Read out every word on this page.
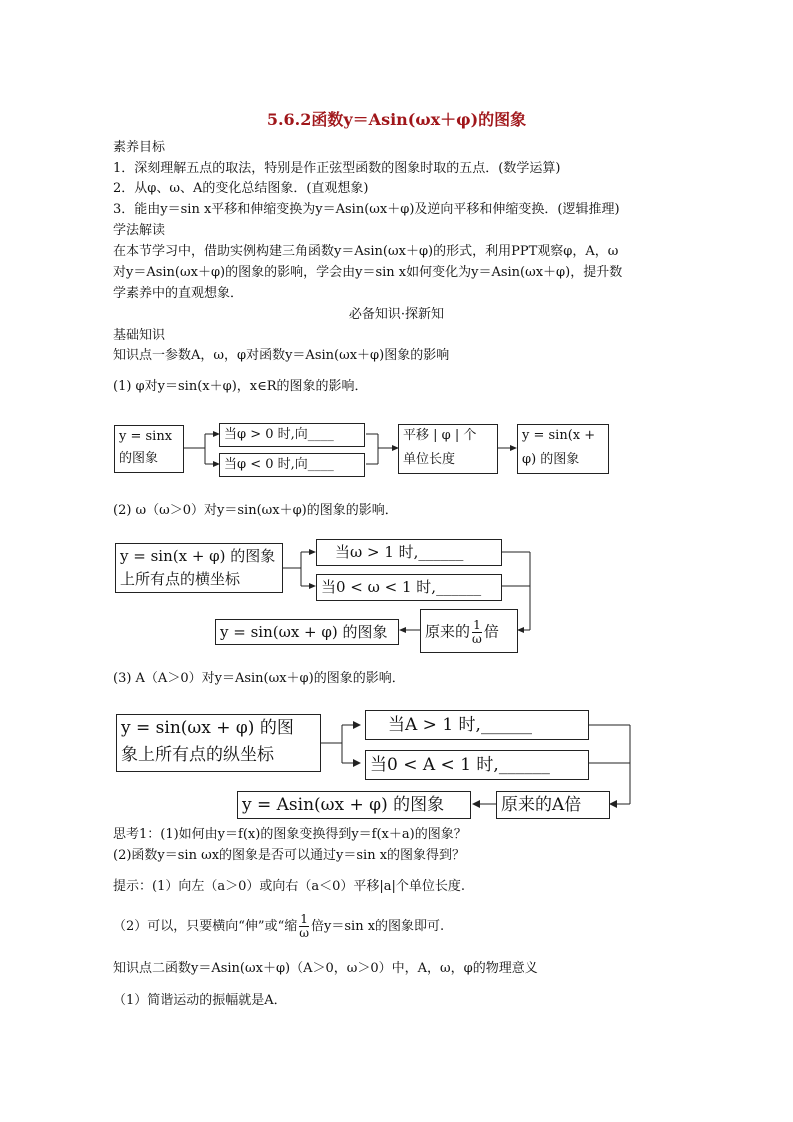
5.6.2函数y＝Asin(ωx＋φ)的图象
素养目标
1．深刻理解五点的取法，特别是作正弦型函数的图象时取的五点．(数学运算)
2．从φ、ω、A的变化总结图象．(直观想象)
3．能由y＝sin x平移和伸缩变换为y＝Asin(ωx＋φ)及逆向平移和伸缩变换．(逻辑推理)
学法解读
在本节学习中，借助实例构建三角函数y＝Asin(ωx＋φ)的形式，利用PPT观察φ，A，ω
对y＝Asin(ωx＋φ)的图象的影响，学会由y＝sin x如何变化为y＝Asin(ωx＋φ)，提升数
学素养中的直观想象．
必备知识·探新知
基础知识
知识点一参数A，ω，φ对函数y＝Asin(ωx＋φ)图象的影响
(1) φ对y＝sin(x＋φ)，x∈R的图象的影响．
y = sinx
的图象
当φ > 0 时,向____
当φ < 0 时,向____
平移 | φ | 个
单位长度
y = sin(x +
φ) 的图象
(2) ω（ω＞0）对y＝sin(ωx＋φ)的图象的影响．
y = sin(x + φ) 的图象
上所有点的横坐标
当ω > 1 时,______
当0 < ω < 1 时,______
原来的 $\frac{1}{\omega}$ 倍
y = sin(ωx + φ) 的图象
(3) A（A＞0）对y＝Asin(ωx＋φ)的图象的影响．
y = sin(ωx + φ) 的图
象上所有点的纵坐标
当A > 1 时,______
当0 < A < 1 时,______
原来的A倍
y = Asin(ωx + φ) 的图象
思考1：(1)如何由y＝f(x)的图象变换得到y＝f(x＋a)的图象？
(2)函数y＝sin ωx的图象是否可以通过y＝sin x的图象得到？
提示：(1）向左（a＞0）或向右（a＜0）平移|a|个单位长度.
（2）可以，只要横向“伸”或“缩 $\frac{1}{\omega}$ 倍y＝sin x的图象即可.
知识点二函数y＝Asin(ωx＋φ)（A＞0，ω＞0）中，A，ω，φ的物理意义
（1）简谐运动的振幅就是A．
